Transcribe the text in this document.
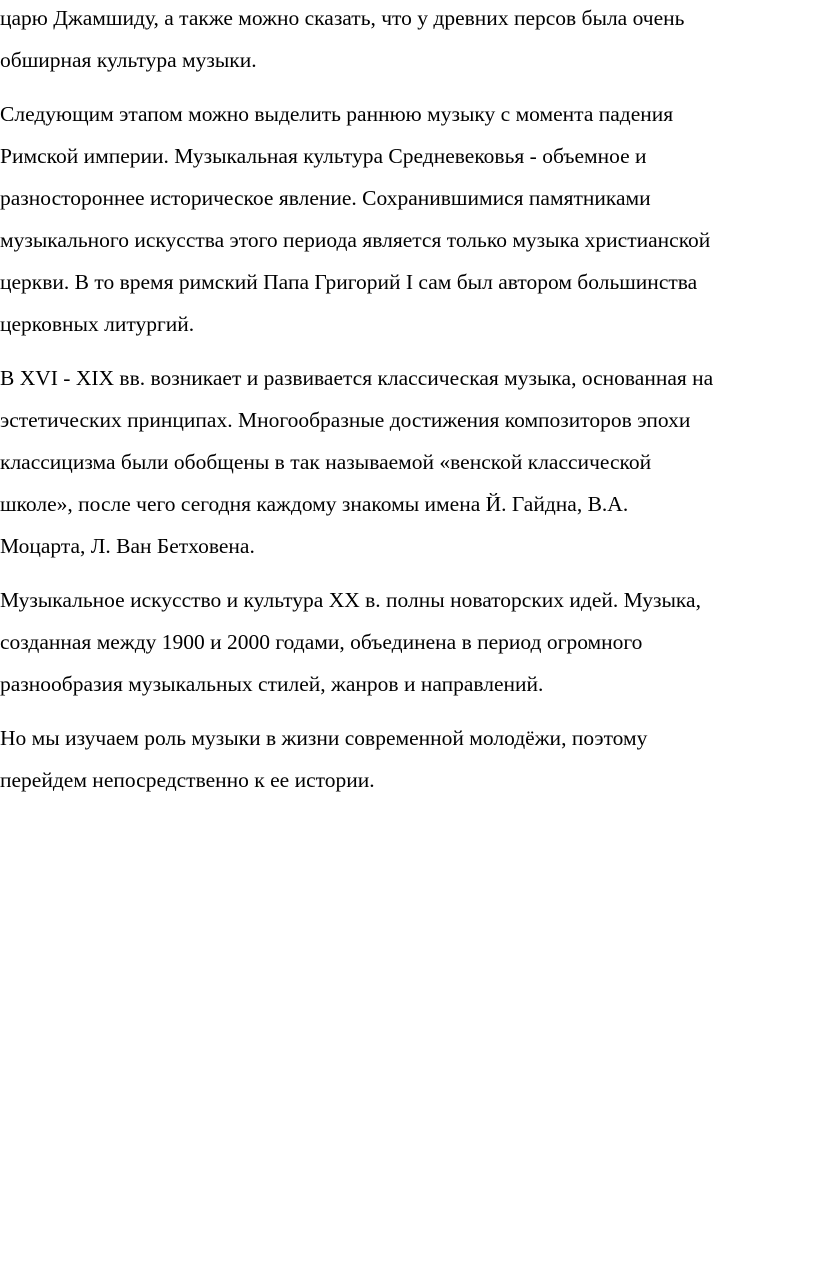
царю Джамшиду, а также можно сказать, что у древних персов была очень
обширная культура музыки.

Следующим этапом можно выделить раннюю музыку с момента падения
Римской империи. Музыкальная культура Средневековья - объемное и
разностороннее историческое явление. Сохранившимися памятниками
музыкального искусства этого периода является только музыка христианской
церкви. В то время римский Папа Григорий I сам был автором большинства
церковных литургий.

В XVI - XIX вв. возникает и развивается классическая музыка, основанная на
эстетических принципах. Многообразные достижения композиторов эпохи
классицизма были обобщены в так называемой «венской классической
школе», после чего сегодня каждому знакомы имена Й. Гайдна, В.А.
Моцарта, Л. Ван Бетховена.

Музыкальное искусство и культура XX в. полны новаторских идей. Музыка,
созданная между 1900 и 2000 годами, объединена в период огромного
разнообразия музыкальных стилей, жанров и направлений.

Но мы изучаем роль музыки в жизни современной молодёжи, поэтому
перейдем непосредственно к ее истории.
